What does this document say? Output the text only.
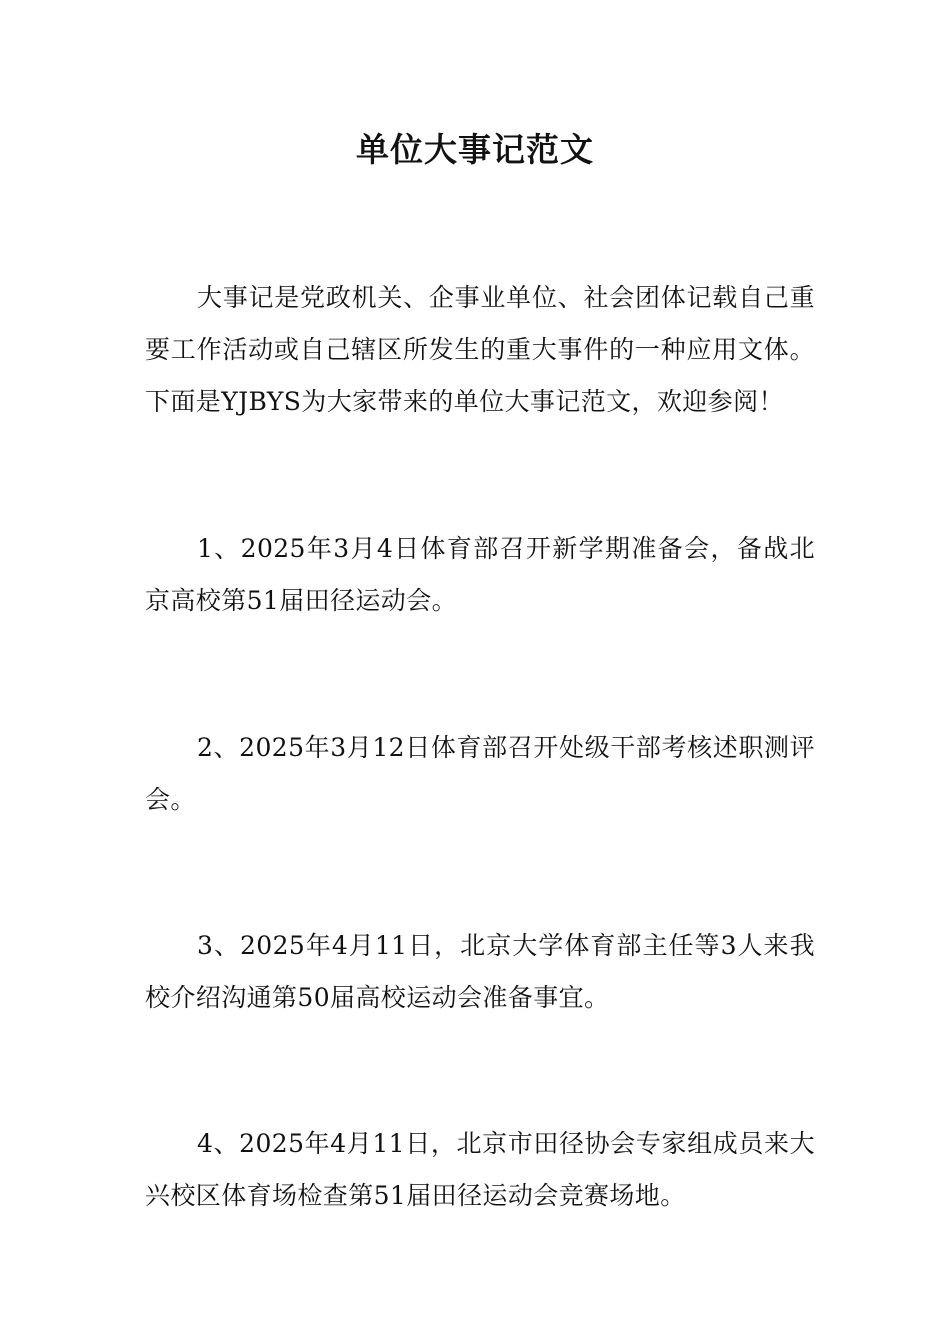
单位大事记范文

大事记是党政机关、企事业单位、社会团体记载自己重要工作活动或自己辖区所发生的重大事件的一种应用文体。下面是YJBYS为大家带来的单位大事记范文，欢迎参阅！

1、2025年3月4日体育部召开新学期准备会，备战北京高校第51届田径运动会。

2、2025年3月12日体育部召开处级干部考核述职测评会。

3、2025年4月11日，北京大学体育部主任等3人来我校介绍沟通第50届高校运动会准备事宜。

4、2025年4月11日，北京市田径协会专家组成员来大兴校区体育场检查第51届田径运动会竞赛场地。
